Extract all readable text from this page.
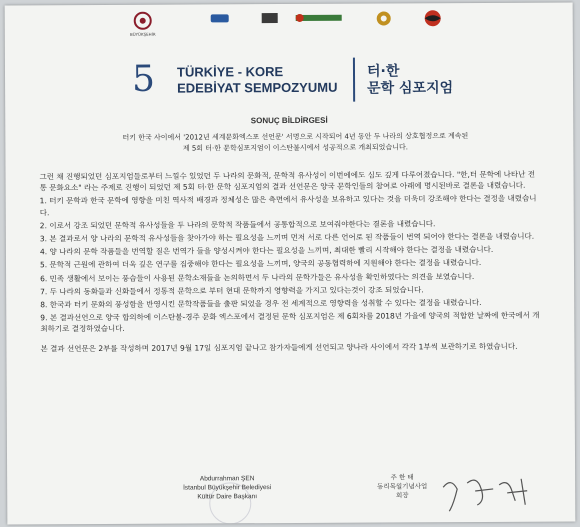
BÜYÜKŞEHİR
5 TÜRKİYE - KORE
EDEBİYAT SEMPOZYUMU
터·한
문학 심포지엄
SONUÇ BİLDİRGESİ
터키 한국 사이에서 '2012년 세계문화엑스포 선언문' 서명으로 시작되어 4년 동안 두 나라의 상호협정으로 계속된
제 5회 터·한 문학심포지엄이 이스탄불시에서 성공적으로 개최되었습니다.

그런 채 진행되었던 심포지엄들로부터 느낄수 있었던 두 나라의 문화적, 문학적 유사성이 이번에에도 심도 깊게 다루어졌습니다. "한,터 문학에 나타난 전통 문화요소" 라는 주제로 진행이 되었던 제 5회 터·한 문학 심포지엄의 결과 선언문은 양국 문학인들의 참여로 아래에 명시된바로 결론을 내렸습니다.

1. 터키 문학과 한국 문학에 영향을 미친 역사적 배경과 정체성은 많은 측면에서 유사성을 보유하고 있다는 것을 더욱더 강조해야 한다는 결정을 내렸습니다.

2. 이로서 강조 되었던 문학적 유사성들을 두 나라의 문학적 작품들에서 공통합적으로 보여줘야한다는 결론을 내렸습니다.

3. 본 결과로서 양 나라의 문학적 유사성들을 찾아가야 하는 필요성을 느끼며 먼저 서로 다른 언어로 된 작품들이 번역 되어야 한다는 결론을 내렸습니다.

4. 양 나라의 문학 작품들을 번역할 질은 번역가 들을 양성시켜야 한다는 필요성을 느끼며, 최대한 빨리 시작해야 한다는 결정을 내렸습니다.

5. 문학적 근원에 관하여 더욱 깊은 연구를 집중해야 한다는 필요성을 느끼며, 양국의 공동협력하에 지원해야 한다는 결정을 내렸습니다.

6. 민족 생활에서 보이는 풍습들이 사용된 문학소재들을 논의하면서 두 나라의 문학가들은 유사성을 확인하였다는 의견을 보였습니다.

7. 두 나라의 동화들과 신화들에서 정통적 문학으로 부터 현대 문학까지 영향력을 가지고 있다는것이 강조 되었습니다.

8. 한국과 터키 문화의 풍성함을 반영시킨 문학작품들을 출판 되었을 경우 전 세계적으로 영향력을 성취할 수 있다는 결정을 내렸습니다.

9. 본 결과선언으로 양국 합의하에 이스탄불-경주 문화 엑스포에서 결정된 문학 심포지엄은 제 6회차를 2018년 가을에 양국의 적합한 날짜에 한국에서 개최하기로 결정하였습니다.

본 결과 선언문은 2부를 작성하며 2017년 9월 17일 심포지엄 끝나고 참가자들에게 선언되고 양나라 사이에서 각각 1부씩 보관하기로 하였습니다.

Abdurrahman ŞEN
İstanbul Büyükşehir Belediyesi
Kültür Daire Başkanı
주 한 태
동리목월기념사업
회장
